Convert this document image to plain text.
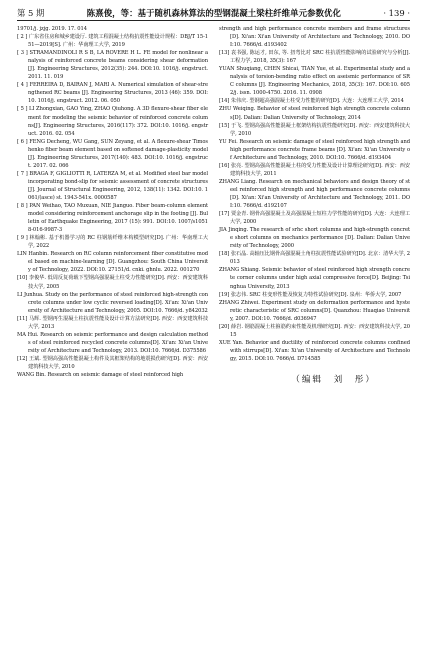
第 5 期	陈熹俊，等：基于随机森林算法的型钢混凝土梁柱纤维单元参数优化	· 139 ·

19701/j. jzjg. 2019. 17. 014

[ 2 ] 广东省住房和城乡建设厅. 建筑工程混凝土结构抗震性能设计规程：DBJ/T 15-151—2019[S]. 广州：华南理工大学, 2019

[ 3 ] STRAMANDINOLI R S B, LA ROVERE H L. FE model for nonlinear analysis of reinforced concrete beams considering shear deformation[J]. Engineering Structures, 2012(35): 244. DOI:10. 1016/j. engstruct. 2011. 11. 019

[ 4 ] FERREIRA D, BAIRAN J, MARI A. Numerical simulation of shear-strengthened RC beams [J]. Engineering Structures, 2013 (46): 359. DOI:10. 1016/j. engstruct. 2012. 06. 050

[ 5 ] LI Zhongxian, GAO Ying, ZHAO Qiuhong. A 3D flexure-shear fiber element for modeling the seismic behavior of reinforced concrete columns[J]. Engineering Structures, 2016(117): 372. DOI:10. 1016/j. engstruct. 2016. 02. 054

[ 6 ] FENG Decheng, WU Gang, SUN Zeyang, et al. A flexure-shear Timoshenko fiber beam element based on softened damage-plasticity model[J]. Engineering Structures, 2017(140): 483. DOI:10. 1016/j. engstruct. 2017. 02. 066

[ 7 ] BRAGA F, GIGLIOTTI R, LATERZA M, et al. Modified steel bar model incorporating bond-slip for seismic assessment of concrete structures[J]. Journal of Structural Engineering, 2012, 138(11): 1342. DOI:10. 1061/(asce) st. 1943-541x. 0000587

[ 8 ] PAN Weihao, TAO Muxuan, NIE Jianguo. Fiber beam-column element model considering reinforcement anchorage slip in the footing [J]. Bulletin of Earthquake Engineering, 2017 (15): 991. DOI:10. 1007/s10518-016-9987-3

[ 9 ] 林翰彬. 基于机器学习的 RC 柱钢筋纤维本构模型研究[D]. 广州：华南理工大学, 2022

LIN Hanbin. Research on RC column reinforcement fiber constitutive model based on machine-learning [D]. Guangzhou: South China University of Technology, 2022. DOI:10. 27151/d. cnki. ghnlu. 2022. 001270

[10] 李俊华. 低周反复荷载下型钢高强混凝土柱受力性能研究[D]. 西安：西安建筑科技大学, 2005

LI Junhua. Study on the performance of steel reinforced high-strength concrete columns under low cyclic reversed loading[D]. Xi'an: Xi'an University of Architecture and Technology, 2005. DOI:10. 7666/d. y842032

[11] 马辉. 型钢再生混凝土柱抗震性能及设计计算方法研究[D]. 西安：西安建筑科技大学, 2013

MA Hui. Research on seismic performance and design calculation methods of steel reinforced recycled concrete columns[D]. Xi'an: Xi'an University of Architecture and Technology, 2013. DOI:10. 7666/d. D375586

[12] 王斌. 型钢高强高性能混凝土构件及其框架结构的地震损伤研究[D]. 西安：西安建筑科技大学, 2010

WANG Bin. Research on seismic damage of steel reinforced high

strength and high performance concrete members and frame structures[D]. Xi'an: Xi'an University of Architecture and Technology, 2010. DOI:10. 7666/d. d193402

[13] 袁书强, 陈运才, 田东, 等. 扭弯比对 SRC 柱抗震性能影响的试验研究与分析[J]. 工程力学, 2018, 35(3): 167

YUAN Shuqiang, CHEN Shicai, TIAN Yue, et al. Experimental study and analysis of torsion-bending ratio effect on aseismic performance of SRC columns [J]. Engineering Mechanics, 2018, 35(3): 167. DOI:10. 6052/j. issn. 1000-4750. 2016. 11. 0908

[14] 朱伟庆. 型钢超高强混凝土柱受力性能的研究[D]. 大连：大连理工大学, 2014

ZHU Weiqing. Behavior of steel reinforced high strength concrete columns[D]. Dalian: Dalian University of Technology, 2014

[15] 于飞. 型钢高强高性能混凝土框架结构抗震性能研究[D]. 西安：西安建筑科技大学, 2010

YU Fei. Research on seismic damage of steel reinforced high strength and high performance concrete frame beams [D]. Xi'an: Xi'an University of Architecture and Technology, 2010. DOI:10. 7666/d. d193404

[16] 张亮. 型钢高强高性能混凝土柱的受力性能及设计计算理论研究[D]. 西安：西安建筑科技大学, 2011

ZHANG Liang. Research on mechanical behaviors and design theory of steel reinforced high strength and high performance concrete columns[D]. Xi'an: Xi'an University of Architecture and Technology, 2011. DOI:10. 7666/d. d192107

[17] 贾金青. 钢骨高强混凝土及高强混凝土短柱力学性能的研究[D]. 大连：大连理工大学, 2000

JIA Jinqing. The research of srhc short columns and high-strength concrete short columns on mechanics performance [D]. Dalian: Dalian University of Technology, 2000

[18] 张石晶. 高轴压比钢骨高强混凝土角柱抗震性能试验研究[D]. 北京：清华大学, 2013

ZHANG Shiang. Seismic behavior of steel reinforced high strength concrete corner columns under high axial compressive force[D]. Beijing: Tsinghua University, 2013

[19] 张志伟. SRC 柱变形性能及恢复力特性试验研究[D]. 泉州：华侨大学, 2007

ZHANG Zhiwei. Experiment study on deformation performance and hysteretic characteristic of SRC columns[D]. Quanzhou: Huaqiao University, 2007. DOI:10. 7666/d. d036947

[20] 薛岩. 钢筋混凝土柱箍筋约束性能及机理研究[D]. 西安：西安建筑科技大学, 2015

XUE Yan. Behavior and ductility of reinforced concrete columns confined with stirrups[D]. Xi'an: Xi'an University of Architecture and Technology, 2015. DOI:10. 7666/d. D714585

（编辑　刘　彤）
